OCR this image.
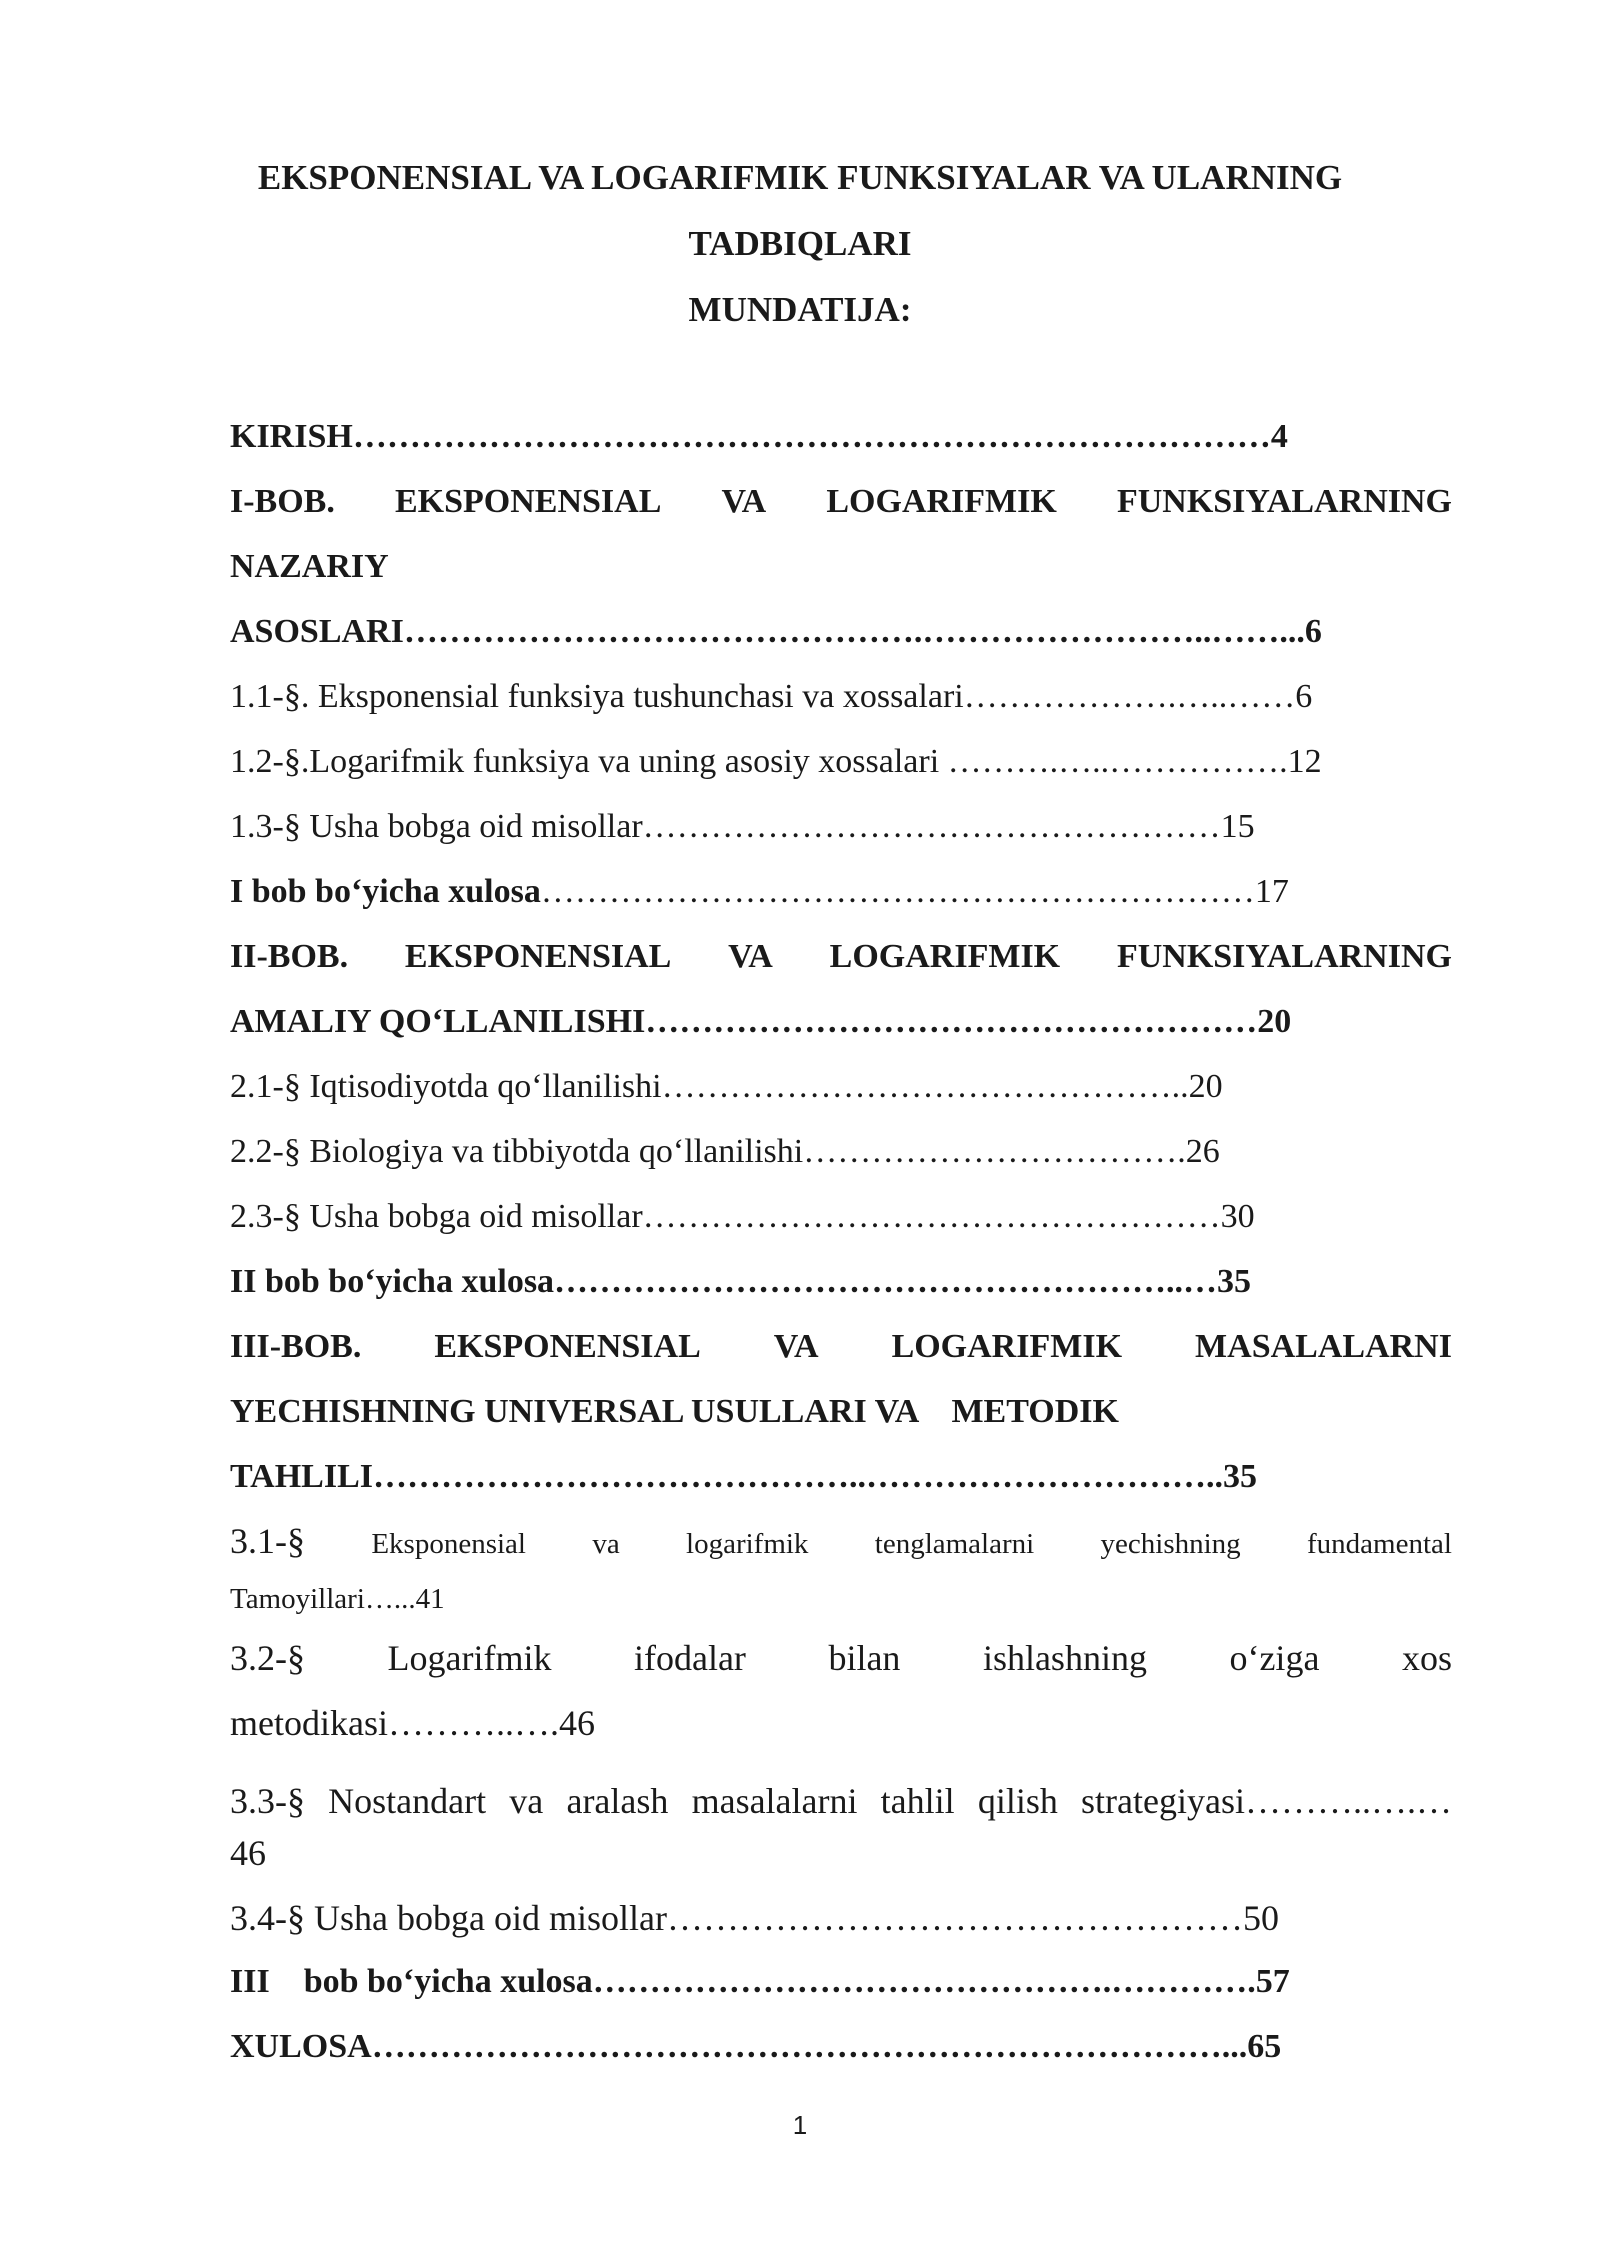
EKSPONENSIAL VA LOGARIFMIK FUNKSIYALAR VA ULARNING
TADBIQLARI
MUNDATIJA:
KIRISH………………………………………………………………………4
I-BOB. EKSPONENSIAL VA LOGARIFMIK FUNKSIYALARNING
NAZARIY
ASOSLARI……………………………………….……………………..……...6
1.1-§. Eksponensial funksiya tushunchasi va xossalari……………….…..……6
1.2-§.Logarifmik funksiya va uning asosiy xossalari ……….…..…………….12
1.3-§ Usha bobga oid misollar……………………………………………15
I bob bo‘yicha xulosa………………………………………………………17
II-BOB. EKSPONENSIAL VA LOGARIFMIK FUNKSIYALARNING
AMALIY QO‘LLANILISHI………………………………………………20
2.1-§ Iqtisodiyotda qo‘llanilishi………………………………………..20
2.2-§ Biologiya va tibbiyotda qo‘llanilishi…………………………….26
2.3-§ Usha bobga oid misollar……………………………………………30
II bob bo‘yicha xulosa………………………………………………..…35
III-BOB. EKSPONENSIAL VA LOGARIFMIK MASALALARNI
YECHISHNING UNIVERSAL USULLARI VA    METODIK
TAHLILI……………………………………..…………………………..35
3.1-§ Eksponensial va logarifmik tenglamalarni yechishning fundamental
Tamoyillari…...41
3.2-§ Logarifmik ifodalar bilan ishlashning o‘ziga xos
metodikasi………..….46
3.3-§ Nostandart va aralash masalalarni tahlil qilish strategiyasi………..….…
46
3.4-§ Usha bobga oid misollar…………………………………………50
III    bob bo‘yicha xulosa……………………………………….………….57
XULOSA…………………………………………………………………...65
1
